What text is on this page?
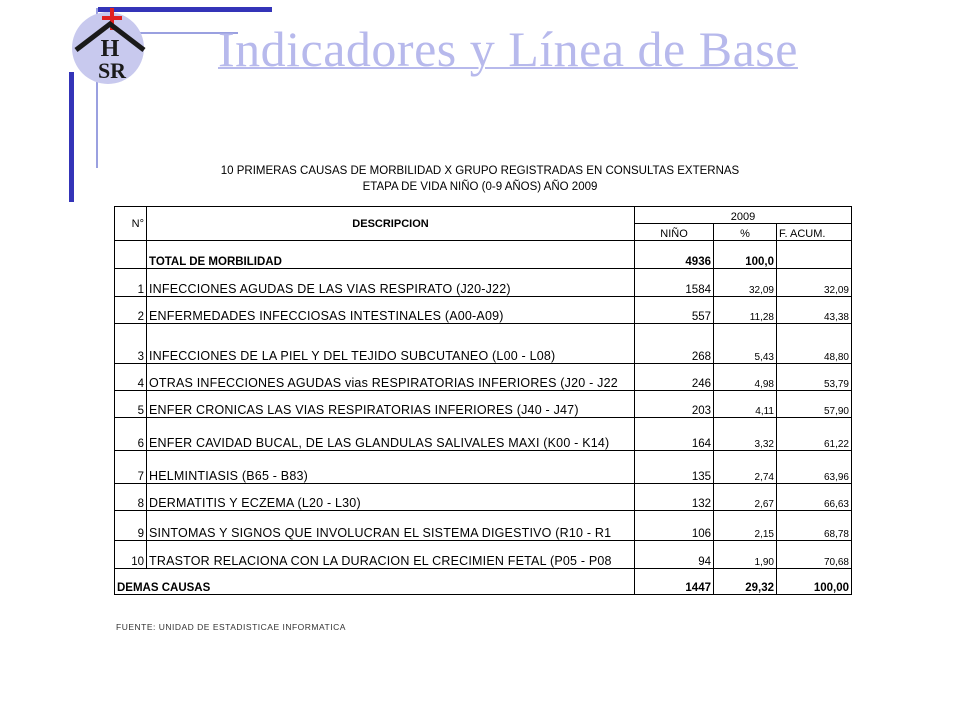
H
SR Indicadores y Línea de Base
10 PRIMERAS CAUSAS DE MORBILIDAD X GRUPO REGISTRADAS EN CONSULTAS EXTERNAS
ETAPA DE VIDA NIÑO (0-9 AÑOS) AÑO 2009
N°	DESCRIPCION	2009		
		NIÑO	%	F. ACUM.
	TOTAL DE MORBILIDAD	4936	100,0	
1	INFECCIONES AGUDAS DE LAS VIAS RESPIRATO (J20-J22)	1584	32,09	32,09
2	ENFERMEDADES INFECCIOSAS INTESTINALES (A00-A09)	557	11,28	43,38
3	INFECCIONES DE LA PIEL Y DEL TEJIDO SUBCUTANEO (L00 - L08)	268	5,43	48,80
4	OTRAS INFECCIONES AGUDAS vias RESPIRATORIAS INFERIORES (J20 - J22	246	4,98	53,79
5	ENFER CRONICAS LAS VIAS RESPIRATORIAS INFERIORES (J40 - J47)	203	4,11	57,90
6	ENFER CAVIDAD BUCAL, DE LAS GLANDULAS SALIVALES MAXI (K00 - K14)	164	3,32	61,22
7	HELMINTIASIS (B65 - B83)	135	2,74	63,96
8	DERMATITIS Y ECZEMA (L20 - L30)	132	2,67	66,63
9	SINTOMAS Y SIGNOS QUE INVOLUCRAN EL SISTEMA DIGESTIVO (R10 - R1	106	2,15	68,78
10	TRASTOR RELACIONA CON LA DURACION EL CRECIMIEN FETAL (P05 - P08	94	1,90	70,68
DEMAS CAUSAS		1447	29,32	100,00
FUENTE: UNIDAD DE ESTADISTICAE INFORMATICA
